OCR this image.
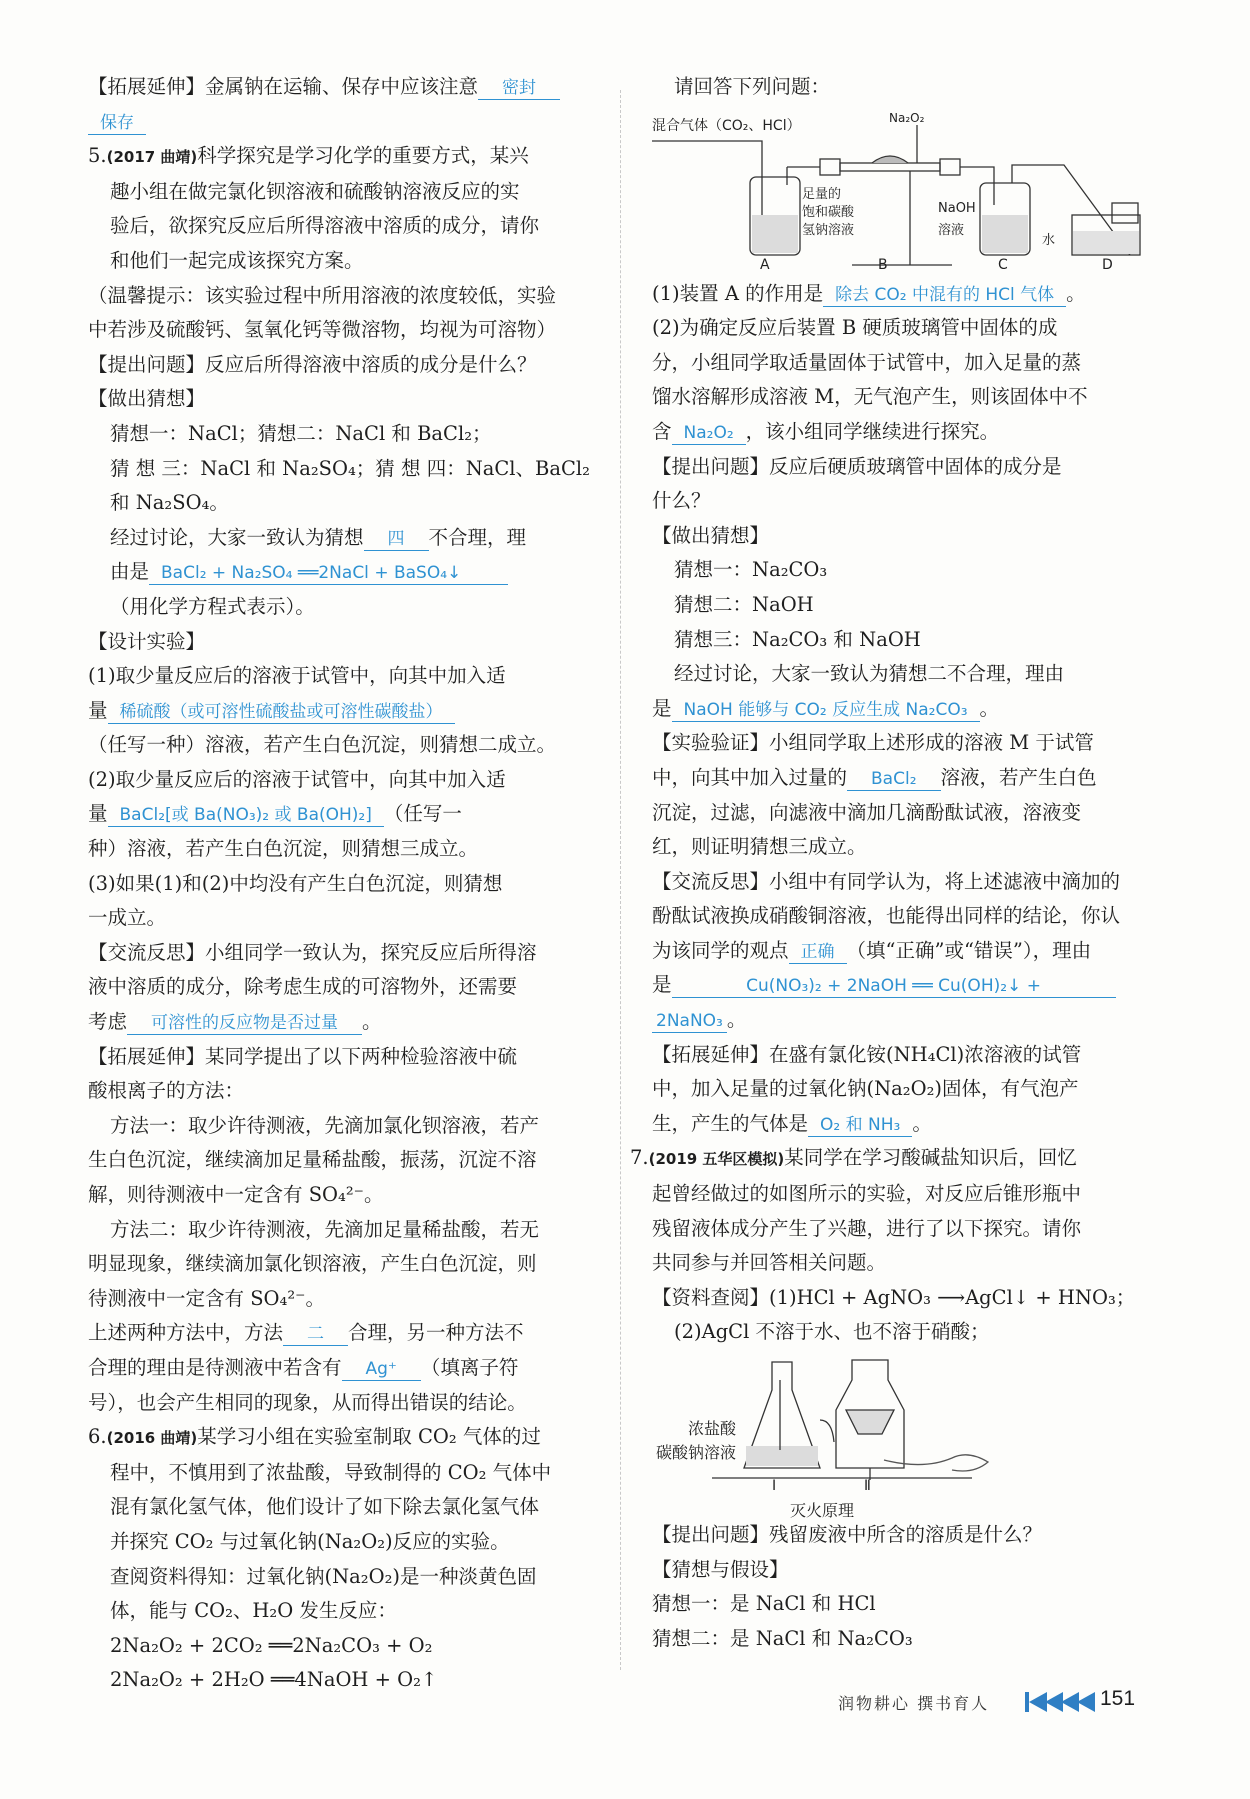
【拓展延伸】金属钠在运输、保存中应该注意 密封
保存
5.(2017 曲靖)科学探究是学习化学的重要方式，某兴
趣小组在做完氯化钡溶液和硫酸钠溶液反应的实
验后，欲探究反应后所得溶液中溶质的成分，请你
和他们一起完成该探究方案。
（温馨提示：该实验过程中所用溶液的浓度较低，实验
中若涉及硫酸钙、氢氧化钙等微溶物，均视为可溶物）
【提出问题】反应后所得溶液中溶质的成分是什么？
【做出猜想】
猜想一：NaCl；猜想二：NaCl 和 BaCl₂；
猜 想 三：NaCl 和 Na₂SO₄；猜 想 四：NaCl、BaCl₂
和 Na₂SO₄。
经过讨论，大家一致认为猜想 四 不合理，理
由是 BaCl₂ + Na₂SO₄ ══2NaCl + BaSO₄↓
（用化学方程式表示）。
【设计实验】
(1)取少量反应后的溶液于试管中，向其中加入适
量 稀硫酸（或可溶性硫酸盐或可溶性碳酸盐）
（任写一种）溶液，若产生白色沉淀，则猜想二成立。
(2)取少量反应后的溶液于试管中，向其中加入适
量 BaCl₂[或 Ba(NO₃)₂ 或 Ba(OH)₂] （任写一
种）溶液，若产生白色沉淀，则猜想三成立。
(3)如果(1)和(2)中均没有产生白色沉淀，则猜想
一成立。
【交流反思】小组同学一致认为，探究反应后所得溶
液中溶质的成分，除考虑生成的可溶物外，还需要
考虑 可溶性的反应物是否过量 。
【拓展延伸】某同学提出了以下两种检验溶液中硫
酸根离子的方法：
方法一：取少许待测液，先滴加氯化钡溶液，若产
生白色沉淀，继续滴加足量稀盐酸，振荡，沉淀不溶
解，则待测液中一定含有 SO₄²⁻。
方法二：取少许待测液，先滴加足量稀盐酸，若无
明显现象，继续滴加氯化钡溶液，产生白色沉淀，则
待测液中一定含有 SO₄²⁻。
上述两种方法中，方法 二 合理，另一种方法不
合理的理由是待测液中若含有 Ag⁺ （填离子符
号），也会产生相同的现象，从而得出错误的结论。
6.(2016 曲靖)某学习小组在实验室制取 CO₂ 气体的过
程中，不慎用到了浓盐酸，导致制得的 CO₂ 气体中
混有氯化氢气体，他们设计了如下除去氯化氢气体
并探究 CO₂ 与过氧化钠(Na₂O₂)反应的实验。
查阅资料得知：过氧化钠(Na₂O₂)是一种淡黄色固
体，能与 CO₂、H₂O 发生反应：
2Na₂O₂ + 2CO₂ ══2Na₂CO₃ + O₂
2Na₂O₂ + 2H₂O ══4NaOH + O₂↑
请回答下列问题：
混合气体（CO₂、HCl）	Na₂O₂
足量的
饱和碳酸
氢钠溶液
NaOH
溶液
水
A	B	C	D
(1)装置 A 的作用是 除去 CO₂ 中混有的 HCl 气体 。
(2)为确定反应后装置 B 硬质玻璃管中固体的成
分，小组同学取适量固体于试管中，加入足量的蒸
馏水溶解形成溶液 M，无气泡产生，则该固体中不
含 Na₂O₂ ，该小组同学继续进行探究。
【提出问题】反应后硬质玻璃管中固体的成分是
什么？
【做出猜想】
猜想一：Na₂CO₃
猜想二：NaOH
猜想三：Na₂CO₃ 和 NaOH
经过讨论，大家一致认为猜想二不合理，理由
是 NaOH 能够与 CO₂ 反应生成 Na₂CO₃ 。
【实验验证】小组同学取上述形成的溶液 M 于试管
中，向其中加入过量的 BaCl₂ 溶液，若产生白色
沉淀，过滤，向滤液中滴加几滴酚酞试液，溶液变
红，则证明猜想三成立。
【交流反思】小组中有同学认为，将上述滤液中滴加的
酚酞试液换成硝酸铜溶液，也能得出同样的结论，你认
为该同学的观点 正确 （填“正确”或“错误”），理由
是	Cu(NO₃)₂ + 2NaOH ══ Cu(OH)₂↓ +
2NaNO₃ 。
【拓展延伸】在盛有氯化铵(NH₄Cl)浓溶液的试管
中，加入足量的过氧化钠(Na₂O₂)固体，有气泡产
生，产生的气体是 O₂ 和 NH₃ 。
7.(2019 五华区模拟)某同学在学习酸碱盐知识后，回忆
起曾经做过的如图所示的实验，对反应后锥形瓶中
残留液体成分产生了兴趣，进行了以下探究。请你
共同参与并回答相关问题。
【资料查阅】(1)HCl + AgNO₃ ⟶AgCl↓ + HNO₃；
(2)AgCl 不溶于水、也不溶于硝酸；
浓盐酸
碳酸钠溶液
Ⅰ	Ⅱ
灭火原理
【提出问题】残留废液中所含的溶质是什么？
【猜想与假设】
猜想一：是 NaCl 和 HCl
猜想二：是 NaCl 和 Na₂CO₃
润物耕心 撰书育人	151
